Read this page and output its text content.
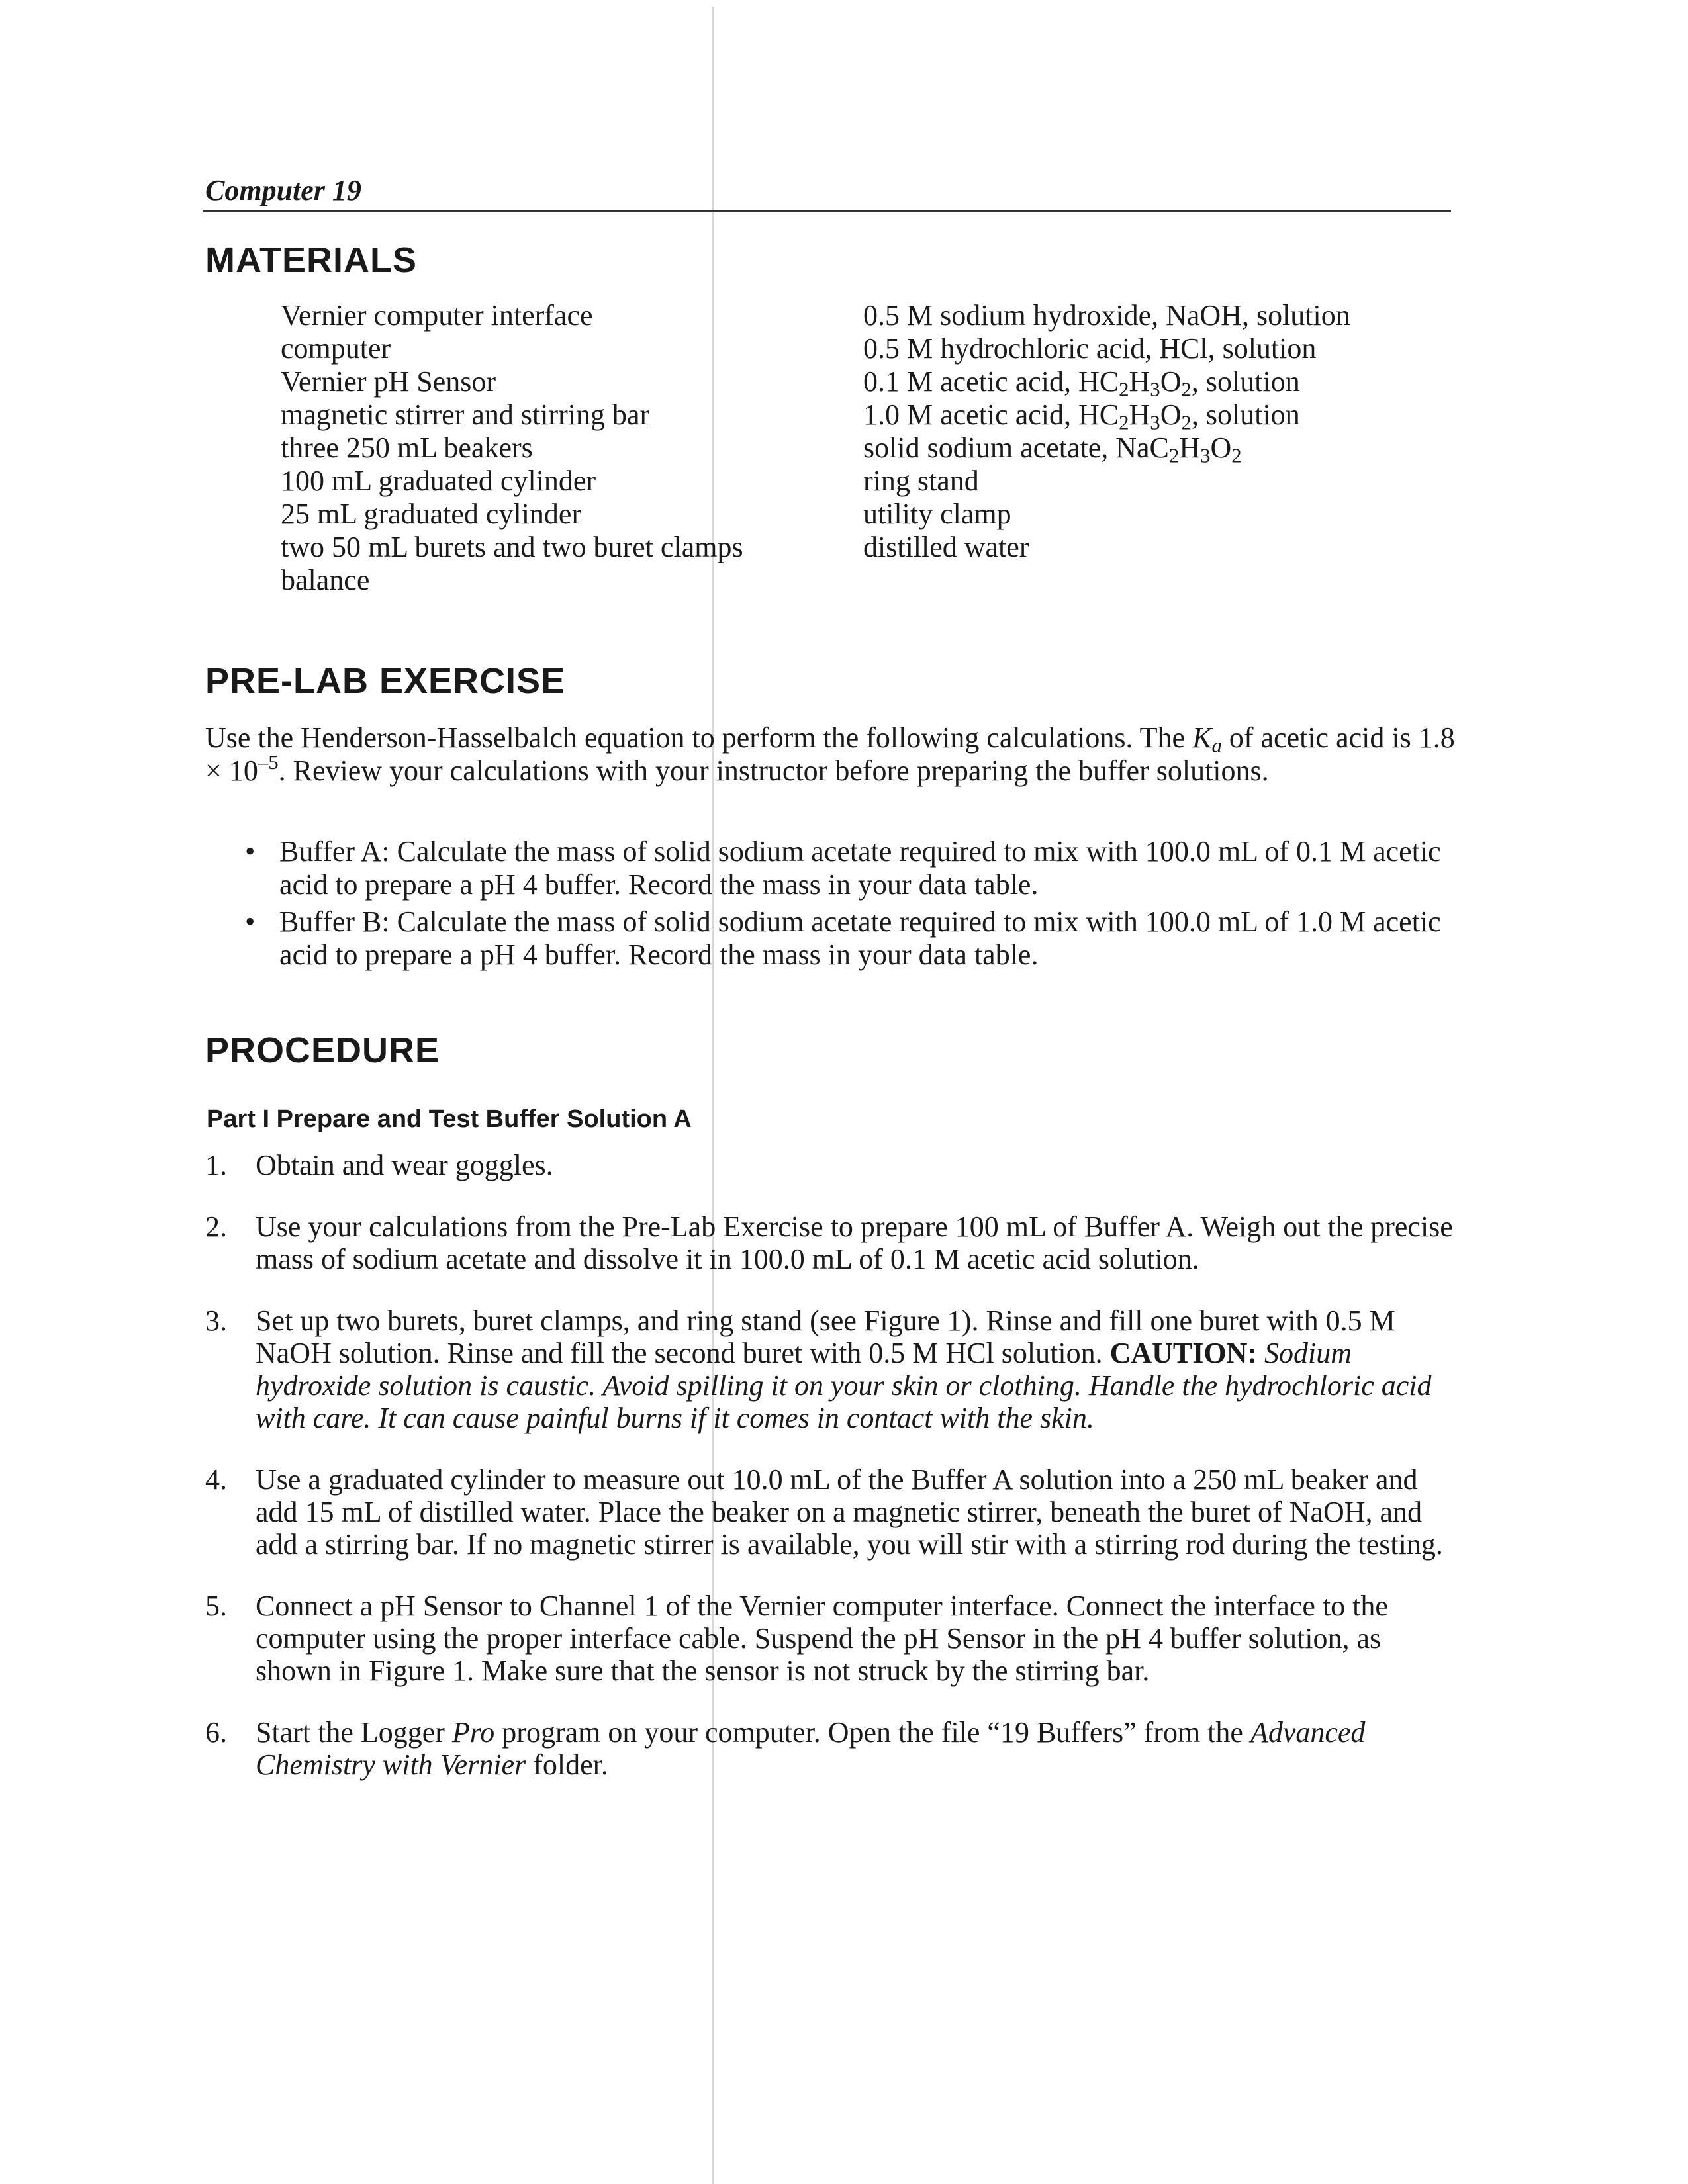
Computer 19
MATERIALS
Vernier computer interface
computer
Vernier pH Sensor
magnetic stirrer and stirring bar
three 250 mL beakers
100 mL graduated cylinder
25 mL graduated cylinder
two 50 mL burets and two buret clamps
balance
0.5 M sodium hydroxide, NaOH, solution
0.5 M hydrochloric acid, HCl, solution
0.1 M acetic acid, $HC_2H_3O_2$, solution
1.0 M acetic acid, $HC_2H_3O_2$, solution
solid sodium acetate, $NaC_2H_3O_2$
ring stand
utility clamp
distilled water
PRE-LAB EXERCISE

Use the Henderson-Hasselbalch equation to perform the following calculations. The $K_a$ of acetic acid is $1.8 \times 10^{-5}$. Review your calculations with your instructor before preparing the buffer solutions.

• Buffer A: Calculate the mass of solid sodium acetate required to mix with 100.0 mL of 0.1 M acetic acid to prepare a pH 4 buffer. Record the mass in your data table.
• Buffer B: Calculate the mass of solid sodium acetate required to mix with 100.0 mL of 1.0 M acetic acid to prepare a pH 4 buffer. Record the mass in your data table.
PROCEDURE
Part I Prepare and Test Buffer Solution A
1 . Obtain and wear goggles.
2 . Use your calculations from the Pre-Lab Exercise to prepare 100 mL of Buffer A. Weigh out the precise mass of sodium acetate and dissolve it in 100.0 mL of 0.1 M acetic acid solution.
3 . Set up two burets, buret clamps, and ring stand (see Figure 1). Rinse and fill one buret with 0.5 M NaOH solution. Rinse and fill the second buret with 0.5 M HCl solution. CAUTION: Sodium hydroxide solution is caustic. Avoid spilling it on your skin or clothing. Handle the hydrochloric acid with care. It can cause painful burns if it comes in contact with the skin.
4 . Use a graduated cylinder to measure out 10.0 mL of the Buffer A solution into a 250 mL beaker and add 15 mL of distilled water. Place the beaker on a magnetic stirrer, beneath the buret of NaOH, and add a stirring bar. If no magnetic stirrer is available, you will stir with a stirring rod during the testing.
5 . Connect a pH Sensor to Channel 1 of the Vernier computer interface. Connect the interface to the computer using the proper interface cable. Suspend the pH Sensor in the pH 4 buffer solution, as shown in Figure 1. Make sure that the sensor is not struck by the stirring bar.
6 . Start the Logger Pro program on your computer. Open the file “19 Buffers” from the Advanced Chemistry with Vernier folder.
